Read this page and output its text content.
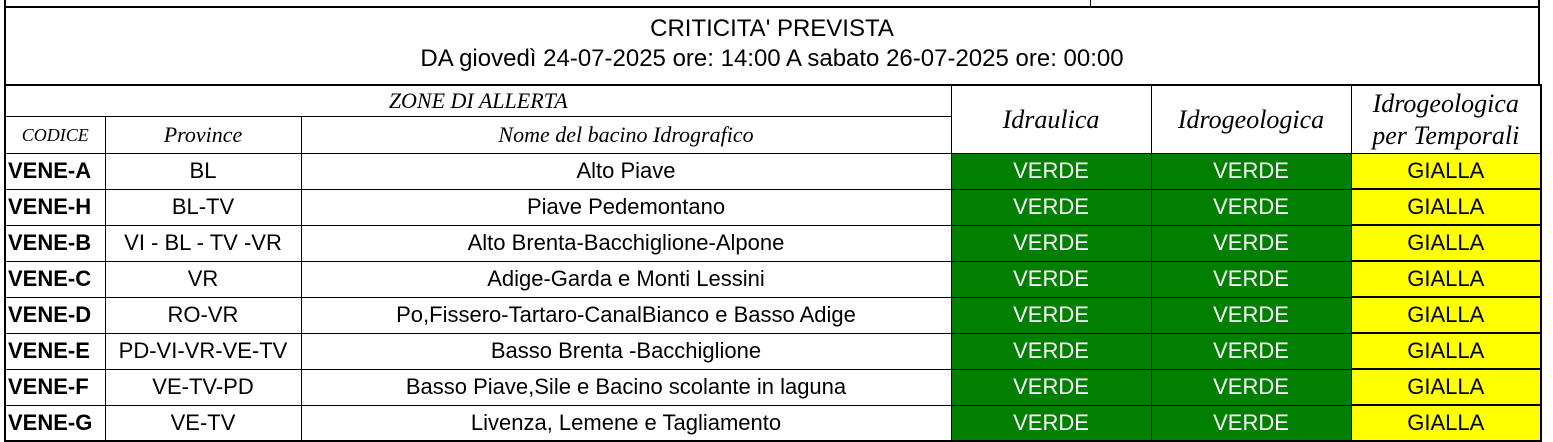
CRITICITA' PREVISTA
DA giovedì 24-07-2025 ore: 14:00 A sabato 26-07-2025 ore: 00:00
ZONE DI ALLERTA			Idraulica	Idrogeologica	Idrogeologica
per Temporali

CODICE	Province	Nome del bacino Idrografico			
VENE-A	BL	Alto Piave	VERDE	VERDE	GIALLA
VENE-H	BL-TV	Piave Pedemontano	VERDE	VERDE	GIALLA
VENE-B	VI - BL - TV -VR	Alto Brenta-Bacchiglione-Alpone	VERDE	VERDE	GIALLA
VENE-C	VR	Adige-Garda e Monti Lessini	VERDE	VERDE	GIALLA
VENE-D	RO-VR	Po,Fissero-Tartaro-CanalBianco e Basso Adige	VERDE	VERDE	GIALLA
VENE-E	PD-VI-VR-VE-TV	Basso Brenta -Bacchiglione	VERDE	VERDE	GIALLA
VENE-F	VE-TV-PD	Basso Piave,Sile e Bacino scolante in laguna	VERDE	VERDE	GIALLA
VENE-G	VE-TV	Livenza, Lemene e Tagliamento	VERDE	VERDE	GIALLA
